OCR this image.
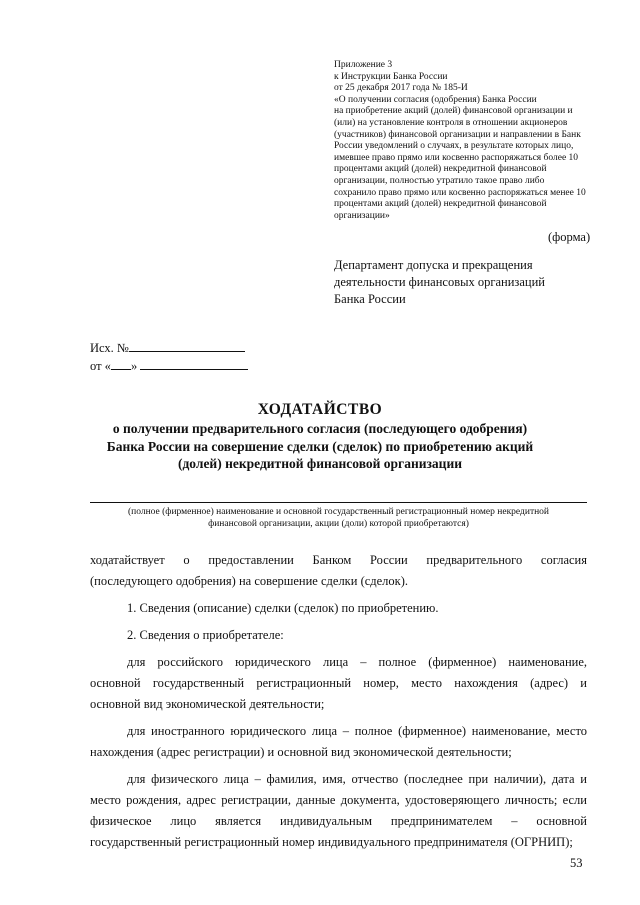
Приложение 3
к Инструкции Банка России
от 25 декабря 2017 года № 185-И
«О получении согласия (одобрения) Банка России
на приобретение акций (долей) финансовой организации и
(или) на установление контроля в отношении акционеров
(участников) финансовой организации и направлении в Банк
России уведомлений о случаях, в результате которых лицо,
имевшее право прямо или косвенно распоряжаться более 10
процентами акций (долей) некредитной финансовой
организации, полностью утратило такое право либо
сохранило право прямо или косвенно распоряжаться менее 10
процентами акций (долей) некредитной финансовой
организации»
(форма)
Департамент допуска и прекращения
деятельности финансовых организаций
Банка России
Исх. №
от « »
ХОДАТАЙСТВО
о получении предварительного согласия (последующего одобрения)
Банка России на совершение сделки (сделок) по приобретению акций
(долей) некредитной финансовой организации
(полное (фирменное) наименование и основной государственный регистрационный номер некредитной
финансовой организации, акции (доли) которой приобретаются)

ходатайствует о предоставлении Банком России предварительного согласия

(последующего одобрения) на совершение сделки (сделок).

1. Сведения (описание) сделки (сделок) по приобретению.

2. Сведения о приобретателе:

для российского юридического лица – полное (фирменное) наименование,

основной государственный регистрационный номер, место нахождения (адрес) и

основной вид экономической деятельности;

для иностранного юридического лица – полное (фирменное) наименование, место

нахождения (адрес регистрации) и основной вид экономической деятельности;

для физического лица – фамилия, имя, отчество (последнее при наличии), дата и

место рождения, адрес регистрации, данные документа, удостоверяющего личность; если

физическое лицо является индивидуальным предпринимателем – основной

государственный регистрационный номер индивидуального предпринимателя (ОГРНИП);

53
